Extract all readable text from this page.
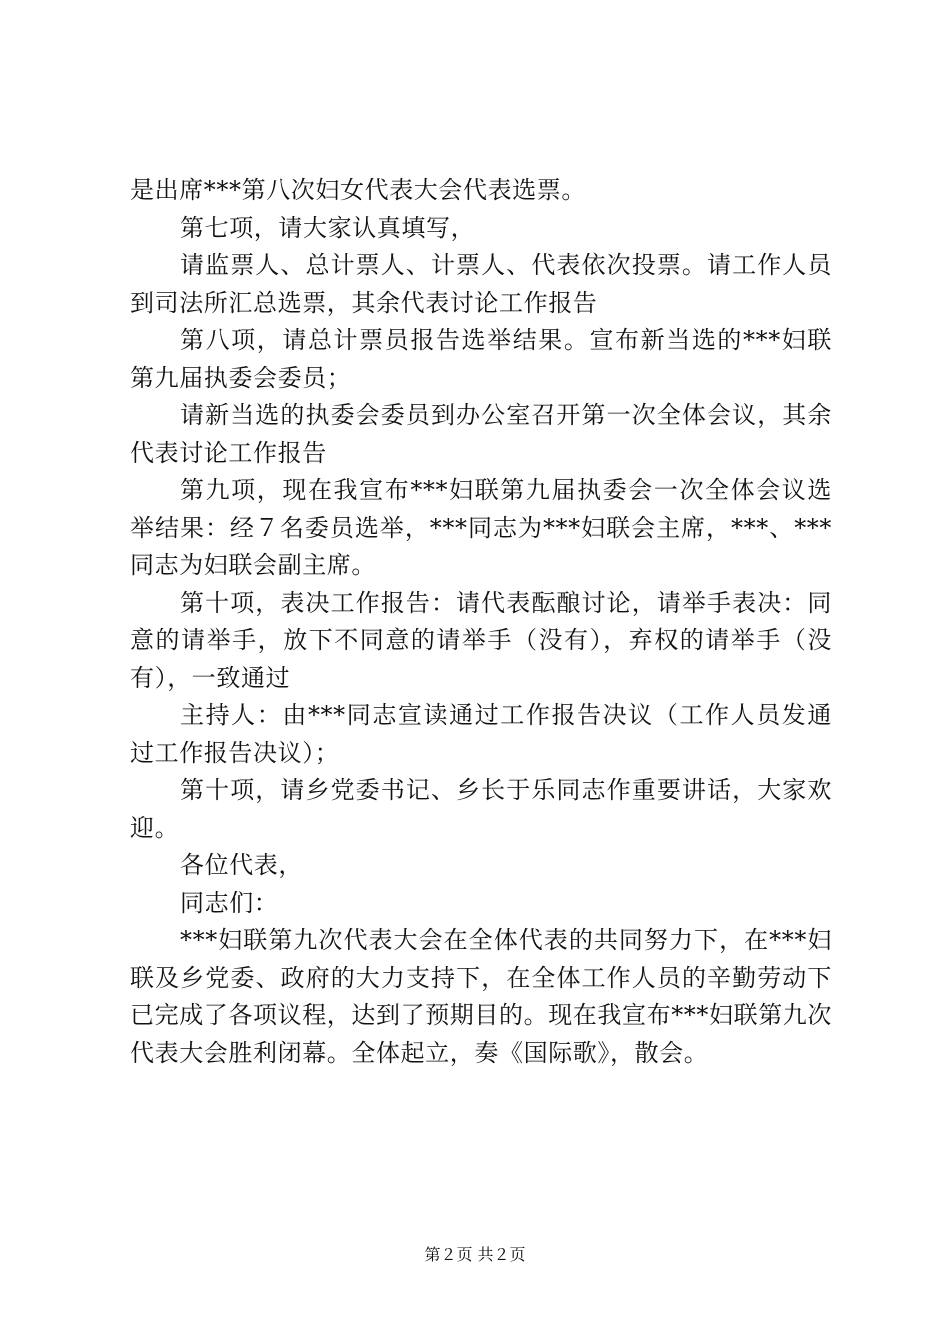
是出席***第八次妇女代表大会代表选票。

第七项，请大家认真填写，

请监票人、总计票人、计票人、代表依次投票。请工作人员到司法所汇总选票，其余代表讨论工作报告

第八项，请总计票员报告选举结果。宣布新当选的***妇联第九届执委会委员；

请新当选的执委会委员到办公室召开第一次全体会议，其余代表讨论工作报告

第九项，现在我宣布***妇联第九届执委会一次全体会议选举结果：经７名委员选举，***同志为***妇联会主席，***、***同志为妇联会副主席。

第十项，表决工作报告：请代表酝酿讨论，请举手表决：同意的请举手，放下不同意的请举手（没有），弃权的请举手（没有），一致通过

主持人：由***同志宣读通过工作报告决议（工作人员发通过工作报告决议）；

第十项，请乡党委书记、乡长于乐同志作重要讲话，大家欢迎。

各位代表，

同志们：

***妇联第九次代表大会在全体代表的共同努力下，在***妇联及乡党委、政府的大力支持下，在全体工作人员的辛勤劳动下已完成了各项议程，达到了预期目的。现在我宣布***妇联第九次代表大会胜利闭幕。全体起立，奏《国际歌》，散会。

第２页 共２页
